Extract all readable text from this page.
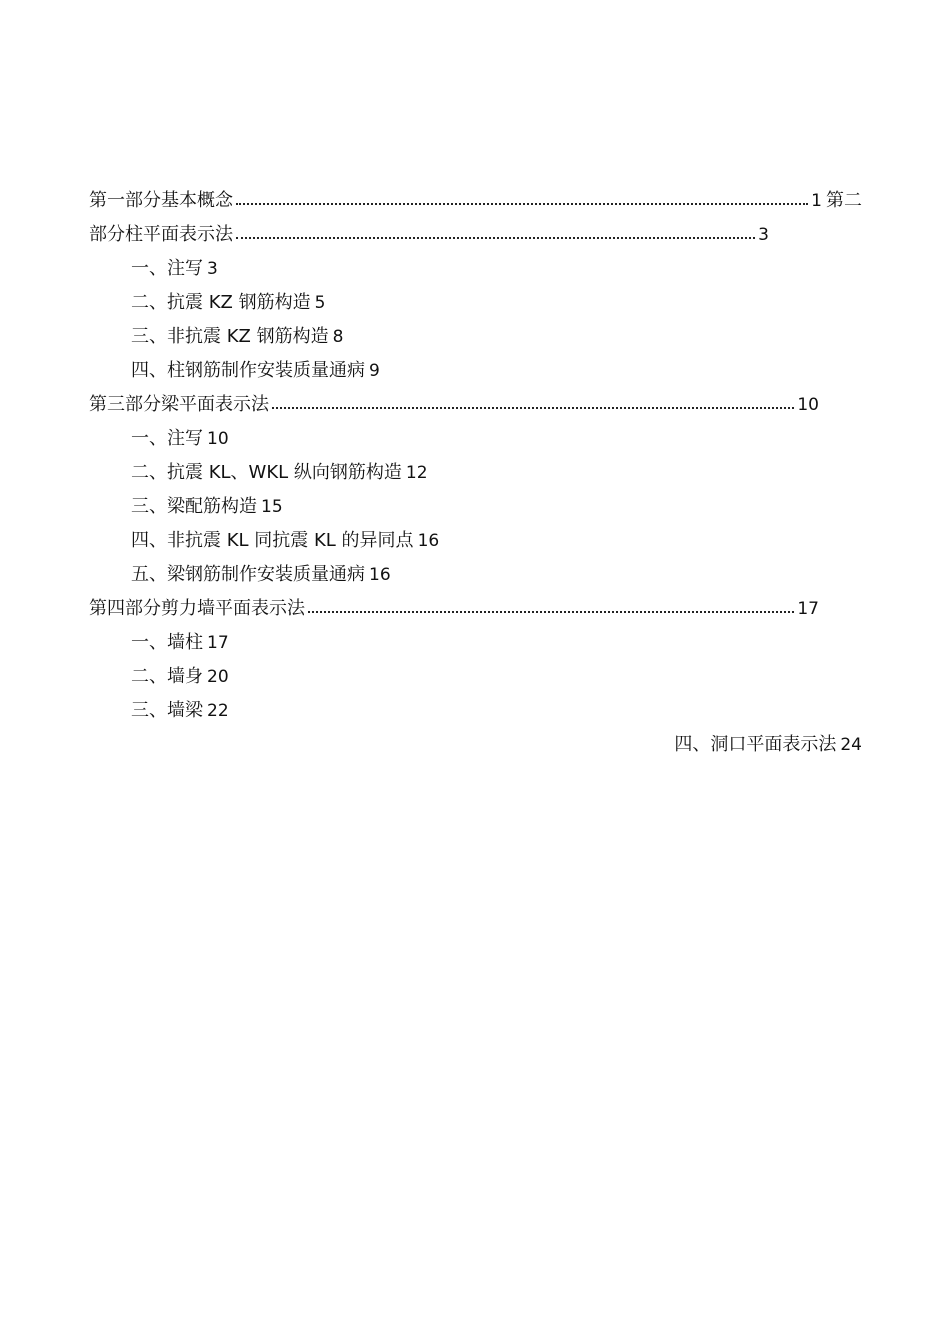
第一部分基本概念	1 第二
部分柱平面表示法	3
一、注写 3
二、抗震 KZ 钢筋构造 5
三、非抗震 KZ 钢筋构造 8
四、柱钢筋制作安装质量通病 9
第三部分梁平面表示法	10
一、注写 10
二、抗震 KL、WKL 纵向钢筋构造 12
三、梁配筋构造 15
四、非抗震 KL 同抗震 KL 的异同点 16
五、梁钢筋制作安装质量通病 16
第四部分剪力墙平面表示法	17
一、墙柱 17
二、墙身 20
三、墙梁 22
四、洞口平面表示法 24
